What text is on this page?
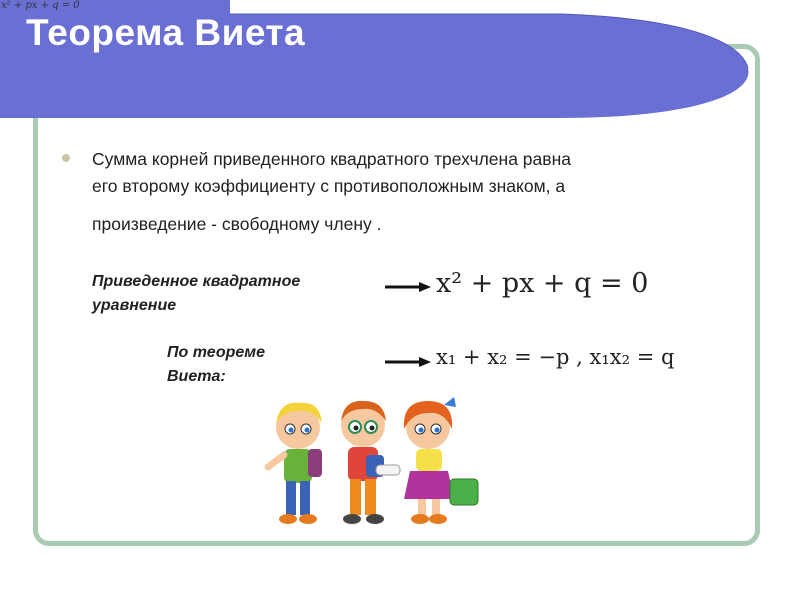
x² + px + q = 0
Теорема Виета
Сумма корней приведенного квадратного трехчлена равна
его второму коэффициенту с противоположным знаком, а
произведение - свободному члену .
Приведенное квадратное
уравнение
По теореме
Виета:
x² + px + q = 0
x₁ + x₂ = −p , x₁x₂ = q
